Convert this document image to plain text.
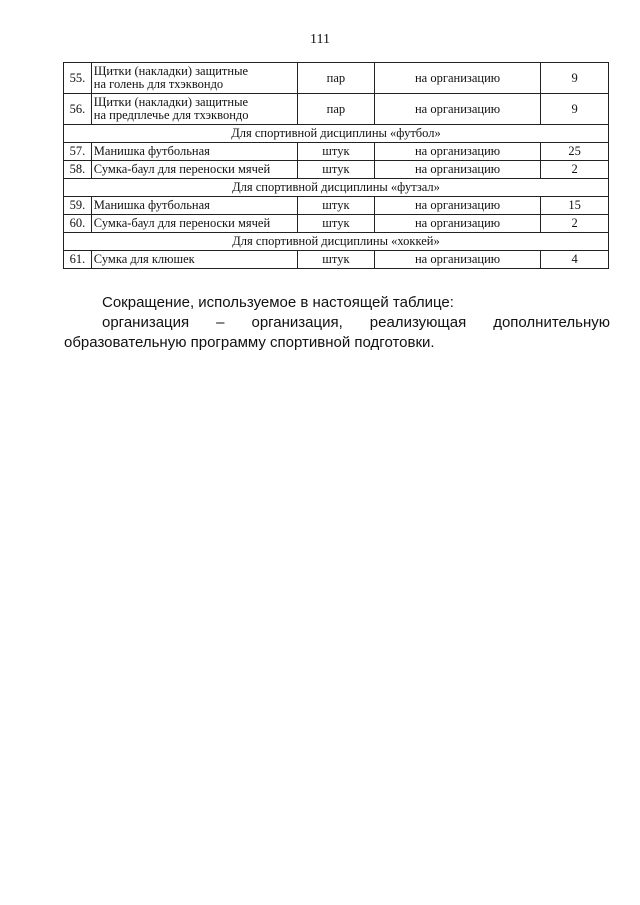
111
55.	Щитки (накладки) защитные
на голень для тхэквондо	пар	на организацию	9
56.	Щитки (накладки) защитные
на предплечье для тхэквондо	пар	на организацию	9
Для спортивной дисциплины «футбол»				
57.	Манишка футбольная	штук	на организацию	25
58.	Сумка-баул для переноски мячей	штук	на организацию	2
Для спортивной дисциплины «футзал»				
59.	Манишка футбольная	штук	на организацию	15
60.	Сумка-баул для переноски мячей	штук	на организацию	2
Для спортивной дисциплины «хоккей»				
61.	Сумка для клюшек	штук	на организацию	4
Сокращение, используемое в настоящей таблице:
организация – организация, реализующая дополнительную образовательную программу спортивной подготовки.
